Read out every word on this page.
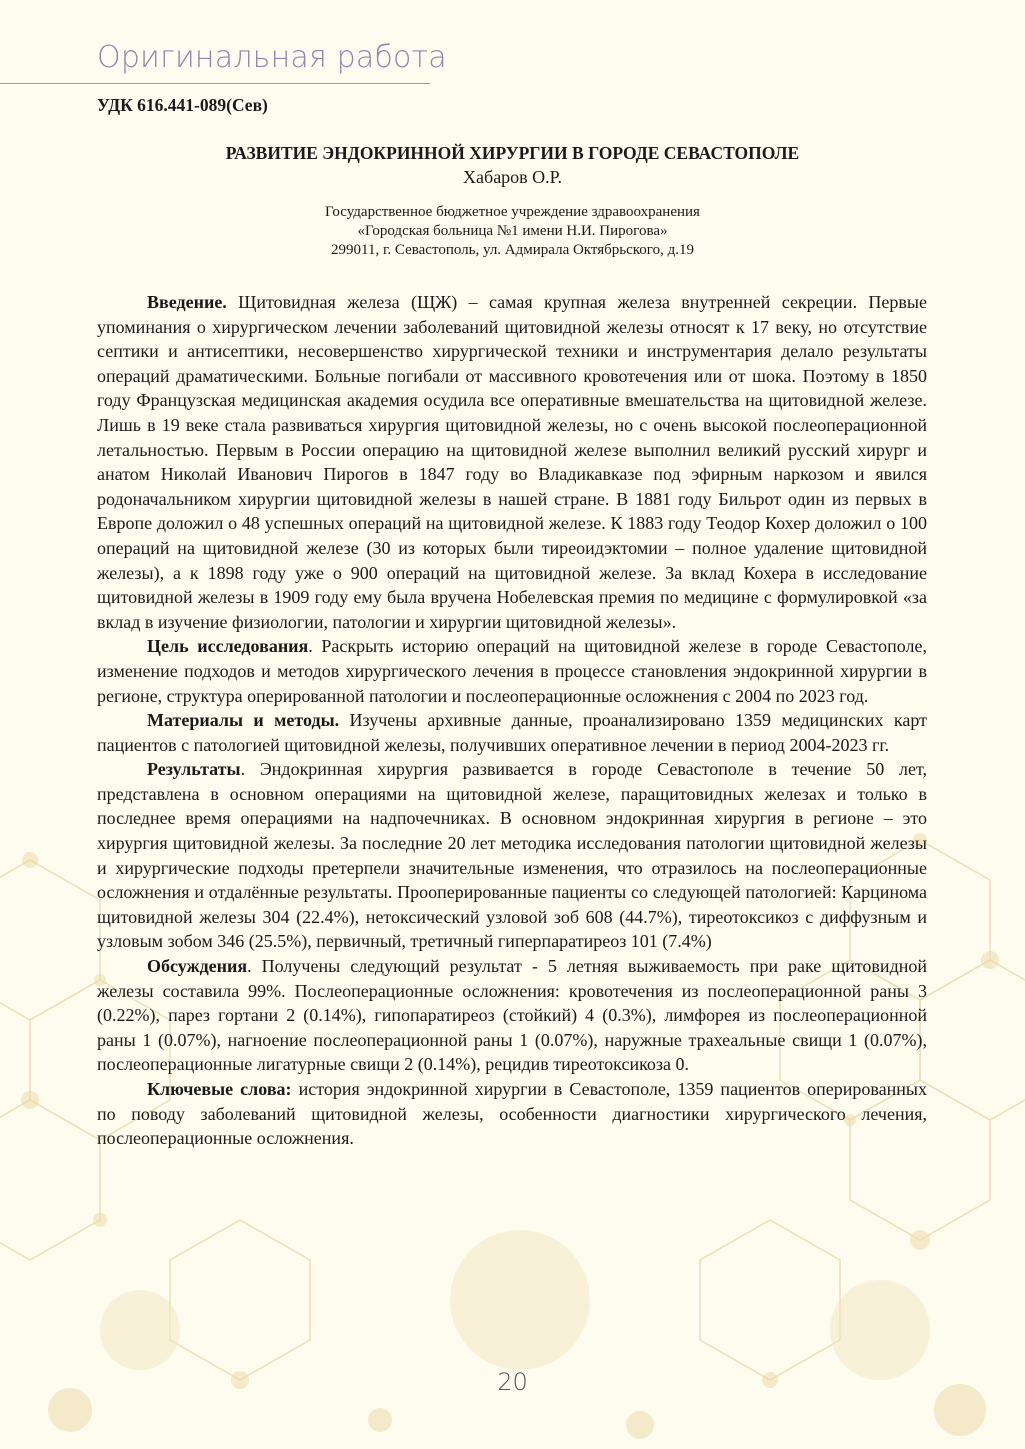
Оригинальная работа
УДК 616.441-089(Сев)
РАЗВИТИЕ ЭНДОКРИННОЙ ХИРУРГИИ В ГОРОДЕ СЕВАСТОПОЛЕ
Хабаров О.Р.
Государственное бюджетное учреждение здравоохранения
«Городская больница №1 имени Н.И. Пирогова»
299011, г. Севастополь, ул. Адмирала Октябрьского, д.19

Введение. Щитовидная железа (ЩЖ) – самая крупная железа внутренней секреции. Первые упоминания о хирургическом лечении заболеваний щитовидной железы относят к 17 веку, но отсутствие септики и антисептики, несовершенство хирургической техники и инструментария делало результаты операций драматическими. Больные погибали от массивного кровотечения или от шока. Поэтому в 1850 году Французская медицинская академия осудила все оперативные вмешательства на щитовидной железе. Лишь в 19 веке стала развиваться хирургия щитовидной железы, но с очень высокой послеоперационной летальностью. Первым в России операцию на щитовидной железе выполнил великий русский хирург и анатом Николай Иванович Пирогов в 1847 году во Владикавказе под эфирным наркозом и явился родоначальником хирургии щитовидной железы в нашей стране. В 1881 году Бильрот один из первых в Европе доложил о 48 успешных операций на щитовидной железе. К 1883 году Теодор Кохер доложил о 100 операций на щитовидной железе (30 из которых были тиреоидэктомии – полное удаление щитовидной железы), а к 1898 году уже о 900 операций на щитовидной железе. За вклад Кохера в исследование щитовидной железы в 1909 году ему была вручена Нобелевская премия по медицине с формулировкой «за вклад в изучение физиологии, патологии и хирургии щитовидной железы».

Цель исследования. Раскрыть историю операций на щитовидной железе в городе Севастополе, изменение подходов и методов хирургического лечения в процессе становления эндокринной хирургии в регионе, структура оперированной патологии и послеоперационные осложнения с 2004 по 2023 год.

Материалы и методы. Изучены архивные данные, проанализировано 1359 медицинских карт пациентов с патологией щитовидной железы, получивших оперативное лечении в период 2004-2023 гг.

Результаты. Эндокринная хирургия развивается в городе Севастополе в течение 50 лет, представлена в основном операциями на щитовидной железе, паращитовидных железах и только в последнее время операциями на надпочечниках. В основном эндокринная хирургия в регионе – это хирургия щитовидной железы. За последние 20 лет методика исследования патологии щитовидной железы и хирургические подходы претерпели значительные изменения, что отразилось на послеоперационные осложнения и отдалённые результаты. Прооперированные пациенты со следующей патологией: Карцинома щитовидной железы 304 (22.4%), нетоксический узловой зоб 608 (44.7%), тиреотоксикоз с диффузным и узловым зобом 346 (25.5%), первичный, третичный гиперпаратиреоз 101 (7.4%)

Обсуждения. Получены следующий результат - 5 летняя выживаемость при раке щитовидной железы составила 99%. Послеоперационные осложнения: кровотечения из послеоперационной раны 3 (0.22%), парез гортани 2 (0.14%), гипопаратиреоз (стойкий) 4 (0.3%), лимфорея из послеоперационной раны 1 (0.07%), нагноение послеоперационной раны 1 (0.07%), наружные трахеальные свищи 1 (0.07%), послеоперационные лигатурные свищи 2 (0.14%), рецидив тиреотоксикоза 0.

Ключевые слова: история эндокринной хирургии в Севастополе, 1359 пациентов оперированных по поводу заболеваний щитовидной железы, особенности диагностики хирургического лечения, послеоперационные осложнения.

20
